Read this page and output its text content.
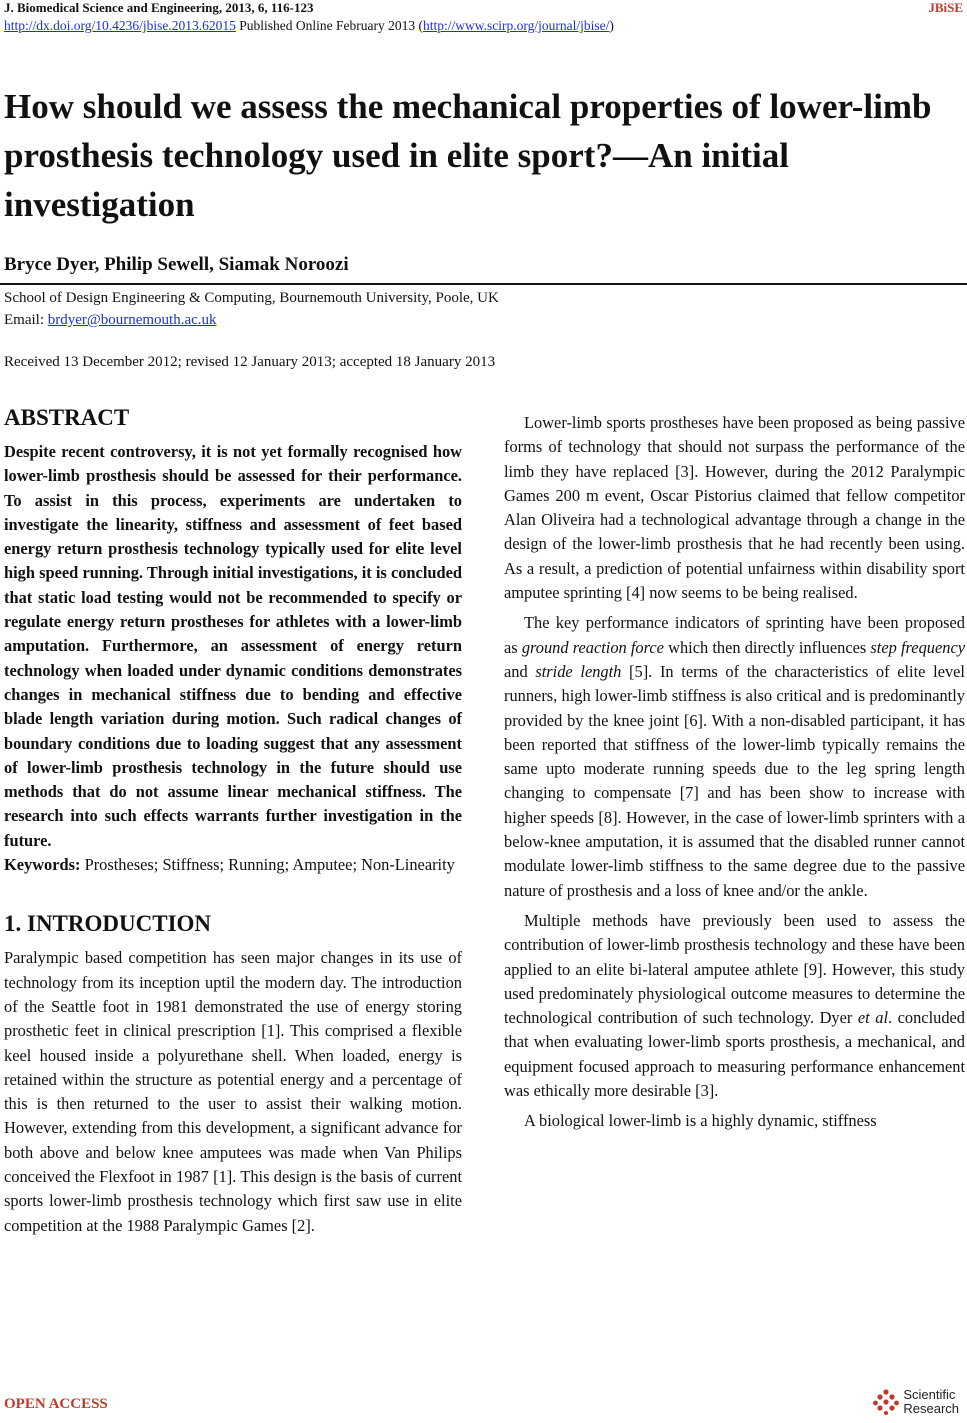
J. Biomedical Science and Engineering, 2013, 6, 116-123	JBiSE
http://dx.doi.org/10.4236/jbise.2013.62015 Published Online February 2013 (http://www.scirp.org/journal/jbise/)
How should we assess the mechanical properties of lower-limb prosthesis technology used in elite sport?—An initial investigation
Bryce Dyer, Philip Sewell, Siamak Noroozi
School of Design Engineering & Computing, Bournemouth University, Poole, UK
Email: brdyer@bournemouth.ac.uk
Received 13 December 2012; revised 12 January 2013; accepted 18 January 2013
ABSTRACT

Despite recent controversy, it is not yet formally recognised how lower-limb prosthesis should be assessed for their performance. To assist in this process, experiments are undertaken to investigate the linearity, stiffness and assessment of feet based energy return prosthesis technology typically used for elite level high speed running. Through initial investigations, it is concluded that static load testing would not be recommended to specify or regulate energy return prostheses for athletes with a lower-limb amputation. Furthermore, an assessment of energy return technology when loaded under dynamic conditions demonstrates changes in mechanical stiffness due to bending and effective blade length variation during motion. Such radical changes of boundary conditions due to loading suggest that any assessment of lower-limb prosthesis technology in the future should use methods that do not assume linear mechanical stiffness. The research into such effects warrants further investigation in the future.

Keywords: Prostheses; Stiffness; Running; Amputee; Non-Linearity

1. INTRODUCTION

Paralympic based competition has seen major changes in its use of technology from its inception uptil the modern day. The introduction of the Seattle foot in 1981 demonstrated the use of energy storing prosthetic feet in clinical prescription [1]. This comprised a flexible keel housed inside a polyurethane shell. When loaded, energy is retained within the structure as potential energy and a percentage of this is then returned to the user to assist their walking motion. However, extending from this development, a significant advance for both above and below knee amputees was made when Van Philips conceived the Flexfoot in 1987 [1]. This design is the basis of current sports lower-limb prosthesis technology which first saw use in elite competition at the 1988 Paralympic Games [2].

Lower-limb sports prostheses have been proposed as being passive forms of technology that should not surpass the performance of the limb they have replaced [3]. However, during the 2012 Paralympic Games 200 m event, Oscar Pistorius claimed that fellow competitor Alan Oliveira had a technological advantage through a change in the design of the lower-limb prosthesis that he had recently been using. As a result, a prediction of potential unfairness within disability sport amputee sprinting [4] now seems to be being realised.

The key performance indicators of sprinting have been proposed as ground reaction force which then directly influences step frequency and stride length [5]. In terms of the characteristics of elite level runners, high lower-limb stiffness is also critical and is predominantly provided by the knee joint [6]. With a non-disabled participant, it has been reported that stiffness of the lower-limb typically remains the same upto moderate running speeds due to the leg spring length changing to compensate [7] and has been show to increase with higher speeds [8]. However, in the case of lower-limb sprinters with a below-knee amputation, it is assumed that the disabled runner cannot modulate lower-limb stiffness to the same degree due to the passive nature of prosthesis and a loss of knee and/or the ankle.

Multiple methods have previously been used to assess the contribution of lower-limb prosthesis technology and these have been applied to an elite bi-lateral amputee athlete [9]. However, this study used predominately physiological outcome measures to determine the technological contribution of such technology. Dyer et al. concluded that when evaluating lower-limb sports prosthesis, a mechanical, and equipment focused approach to measuring performance enhancement was ethically more desirable [3].

A biological lower-limb is a highly dynamic, stiffness

OPEN ACCESS
Scientific
Research
